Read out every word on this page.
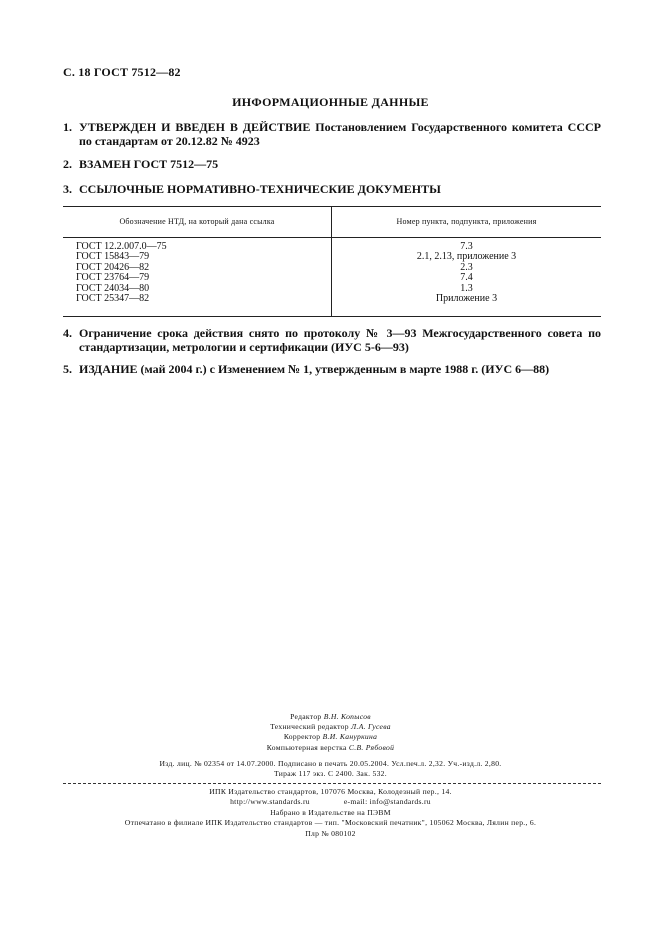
С. 18 ГОСТ 7512—82
ИНФОРМАЦИОННЫЕ ДАННЫЕ
1. УТВЕРЖДЕН И ВВЕДЕН В ДЕЙСТВИЕ Постановлением Государственного комитета СССР по стандартам от 20.12.82 № 4923
2. ВЗАМЕН ГОСТ 7512—75
3. ССЫЛОЧНЫЕ НОРМАТИВНО-ТЕХНИЧЕСКИЕ ДОКУМЕНТЫ
Обозначение НТД, на который дана ссылка	Номер пункта, подпункта, приложения
ГОСТ 12.2.007.0—75
ГОСТ 15843—79
ГОСТ 20426—82
ГОСТ 23764—79
ГОСТ 24034—80
ГОСТ 25347—82
7.3
2.1, 2.13, приложение 3
2.3
7.4
1.3
Приложение 3
4. Ограничение срока действия снято по протоколу № 3—93 Межгосударственного совета по стандартизации, метрологии и сертификации (ИУС 5-6—93)
5. ИЗДАНИЕ (май 2004 г.) с Изменением № 1, утвержденным в марте 1988 г. (ИУС 6—88)
Редактор В.Н. Копысов
Технический редактор Л.А. Гусева
Корректор В.И. Кануркина
Компьютерная верстка С.В. Рябовой
Изд. лиц. № 02354 от 14.07.2000. Подписано в печать 20.05.2004. Усл.печ.л. 2,32. Уч.-изд.л. 2,80.
Тираж 117 экз. С 2400. Зак. 532.
ИПК Издательство стандартов, 107076 Москва, Колодезный пер., 14.
http://www.standards.ru	e-mail: info@standards.ru
Набрано в Издательстве на ПЭВМ
Отпечатано в филиале ИПК Издательство стандартов — тип. "Московский печатник", 105062 Москва, Лялин пер., 6.
Плр № 080102
